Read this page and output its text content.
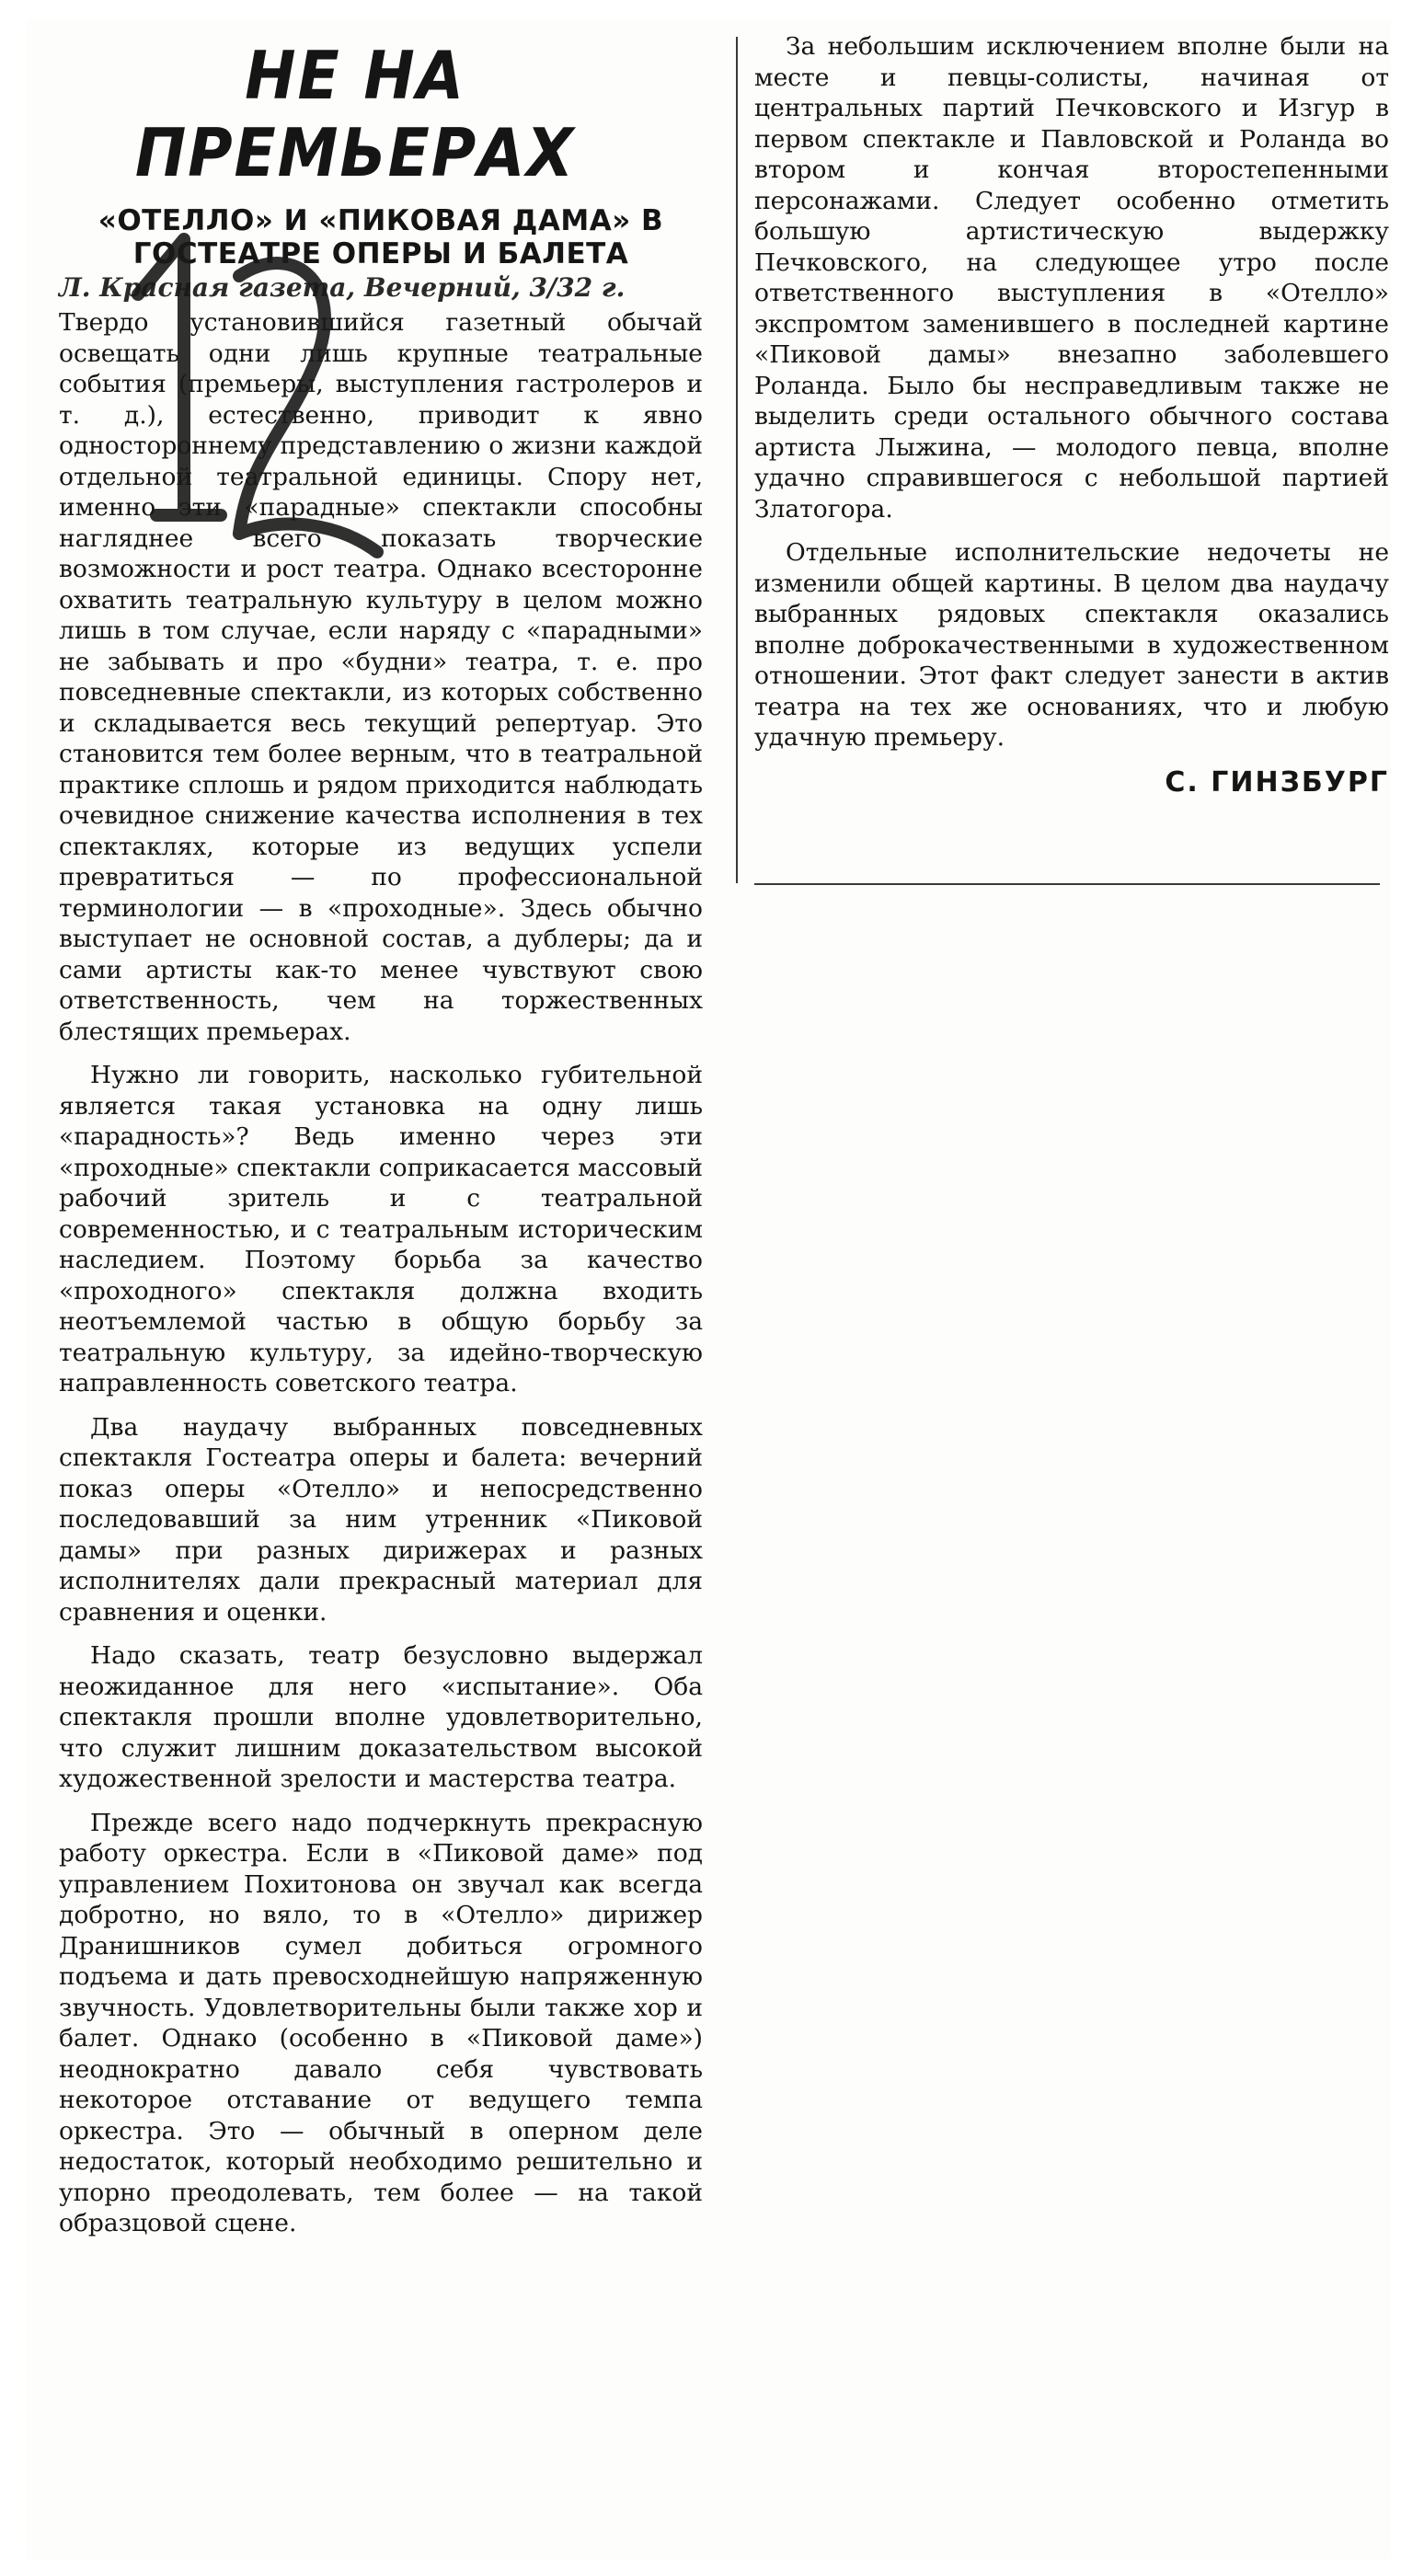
НЕ НА ПРЕМЬЕРАХ
«ОТЕЛЛО» И «ПИКОВАЯ ДАМА» В ГОСТЕАТРЕ ОПЕРЫ И БАЛЕТА
Л. Красная газета, Вечерний, 3/32 г.

Твердо установившийся газетный обычай освещать одни лишь крупные театральные события (премьеры, выступления гастролеров и т. д.), естественно, приводит к явно одностороннему представлению о жизни каждой отдельной театральной единицы. Спору нет, именно эти «парадные» спектакли способны нагляднее всего показать творческие возможности и рост театра. Однако всесторонне охватить театральную культуру в целом можно лишь в том случае, если наряду с «парадными» не забывать и про «будни» театра, т. е. про повседневные спектакли, из которых собственно и складывается весь текущий репертуар. Это становится тем более верным, что в театральной практике сплошь и рядом приходится наблюдать очевидное снижение качества исполнения в тех спектаклях, которые из ведущих успели превратиться — по профессиональной терминологии — в «проходные». Здесь обычно выступает не основной состав, а дублеры; да и сами артисты как-то менее чувствуют свою ответственность, чем на торжественных блестящих премьерах.

Нужно ли говорить, насколько губительной является такая установка на одну лишь «парадность»? Ведь именно через эти «проходные» спектакли соприкасается массовый рабочий зритель и с театральной современностью, и с театральным историческим наследием. Поэтому борьба за качество «проходного» спектакля должна входить неотъемлемой частью в общую борьбу за театральную культуру, за идейно-творческую направленность советского театра.

Два наудачу выбранных повседневных спектакля Гостеатра оперы и балета: вечерний показ оперы «Отелло» и непосредственно последовавший за ним утренник «Пиковой дамы» при разных дирижерах и разных исполнителях дали прекрасный материал для сравнения и оценки.

Надо сказать, театр безусловно выдержал неожиданное для него «испытание». Оба спектакля прошли вполне удовлетворительно, что служит лишним доказательством высокой художественной зрелости и мастерства театра.

Прежде всего надо подчеркнуть прекрасную работу оркестра. Если в «Пиковой даме» под управлением Похитонова он звучал как всегда добротно, но вяло, то в «Отелло» дирижер Дранишников сумел добиться огромного подъема и дать превосходнейшую напряженную звучность. Удовлетворительны были также хор и балет. Однако (особенно в «Пиковой даме») неоднократно давало себя чувствовать некоторое отставание от ведущего темпа оркестра. Это — обычный в оперном деле недостаток, который необходимо решительно и упорно преодолевать, тем более — на такой образцовой сцене.

За небольшим исключением вполне были на месте и певцы-солисты, начиная от центральных партий Печковского и Изгур в первом спектакле и Павловской и Роланда во втором и кончая второстепенными персонажами. Следует особенно отметить большую артистическую выдержку Печковского, на следующее утро после ответственного выступления в «Отелло» экспромтом заменившего в последней картине «Пиковой дамы» внезапно заболевшего Роланда. Было бы несправедливым также не выделить среди остального обычного состава артиста Лыжина, — молодого певца, вполне удачно справившегося с небольшой партией Златогора.

Отдельные исполнительские недочеты не изменили общей картины. В целом два наудачу выбранных рядовых спектакля оказались вполне доброкачественными в художественном отношении. Этот факт следует занести в актив театра на тех же основаниях, что и любую удачную премьеру.

С. ГИНЗБУРГ
